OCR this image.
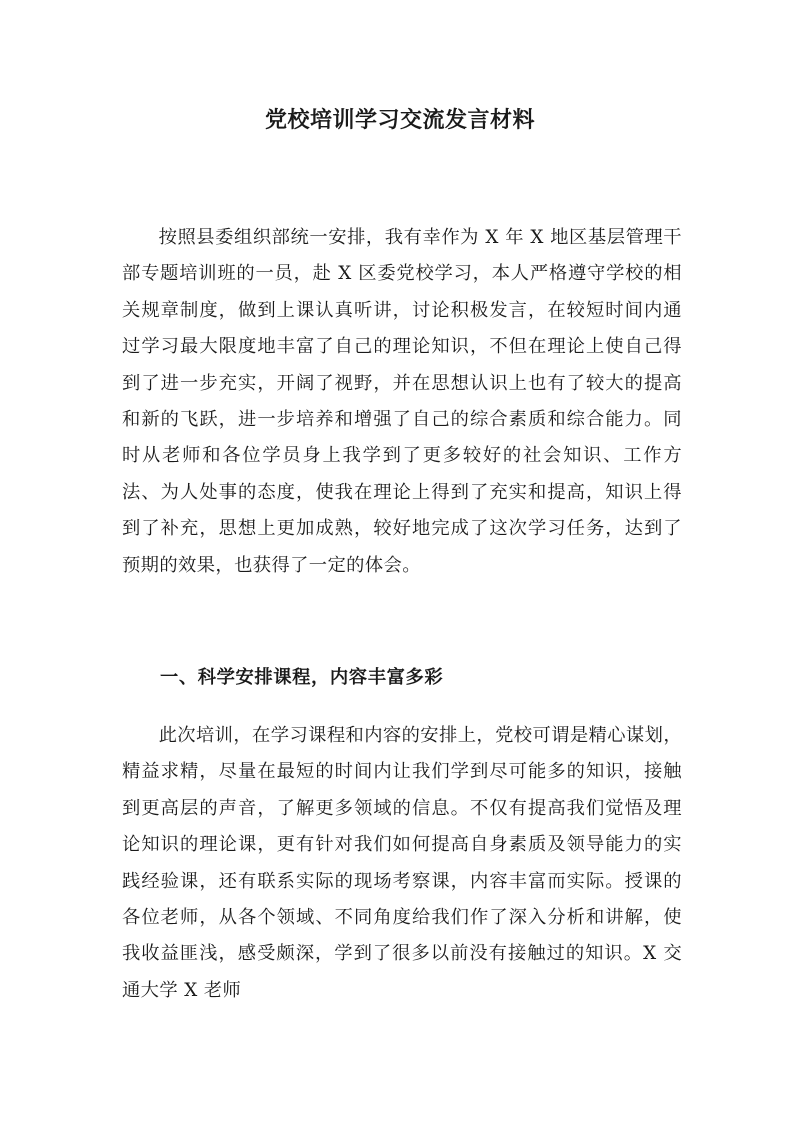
党校培训学习交流发言材料

按照县委组织部统一安排，我有幸作为 X 年 X 地区基层管理干部专题培训班的一员，赴 X 区委党校学习，本人严格遵守学校的相关规章制度，做到上课认真听讲，讨论积极发言，在较短时间内通过学习最大限度地丰富了自己的理论知识，不但在理论上使自己得到了进一步充实，开阔了视野，并在思想认识上也有了较大的提高和新的飞跃，进一步培养和增强了自己的综合素质和综合能力。同时从老师和各位学员身上我学到了更多较好的社会知识、工作方法、为人处事的态度，使我在理论上得到了充实和提高，知识上得到了补充，思想上更加成熟，较好地完成了这次学习任务，达到了预期的效果，也获得了一定的体会。

一、科学安排课程，内容丰富多彩

此次培训，在学习课程和内容的安排上，党校可谓是精心谋划，精益求精，尽量在最短的时间内让我们学到尽可能多的知识，接触到更高层的声音，了解更多领域的信息。不仅有提高我们觉悟及理论知识的理论课，更有针对我们如何提高自身素质及领导能力的实践经验课，还有联系实际的现场考察课，内容丰富而实际。授课的各位老师，从各个领域、不同角度给我们作了深入分析和讲解，使我收益匪浅，感受颇深，学到了很多以前没有接触过的知识。X 交通大学 X 老师
